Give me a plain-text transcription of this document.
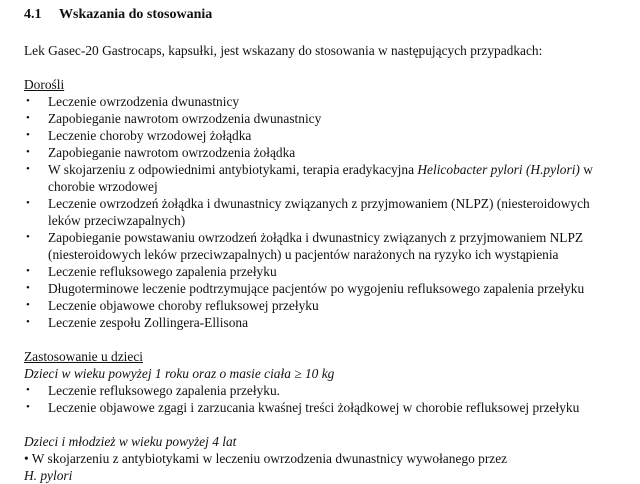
4.1 Wskazania do stosowania

Lek Gasec-20 Gastrocaps, kapsułki, jest wskazany do stosowania w następujących przypadkach:

Dorośli

•	Leczenie owrzodzenia dwunastnicy
•	Zapobieganie nawrotom owrzodzenia dwunastnicy
•	Leczenie choroby wrzodowej żołądka
•	Zapobieganie nawrotom owrzodzenia żołądka
•	W skojarzeniu z odpowiednimi antybiotykami, terapia eradykacyjna Helicobacter pylori (H.pylori) w chorobie wrzodowej
•	Leczenie owrzodzeń żołądka i dwunastnicy związanych z przyjmowaniem (NLPZ) (niesteroidowych leków przeciwzapalnych)
•	Zapobieganie powstawaniu owrzodzeń żołądka i dwunastnicy związanych z przyjmowaniem NLPZ (niesteroidowych leków przeciwzapalnych) u pacjentów narażonych na ryzyko ich wystąpienia
•	Leczenie refluksowego zapalenia przełyku
•	Długoterminowe leczenie podtrzymujące pacjentów po wygojeniu refluksowego zapalenia przełyku
•	Leczenie objawowe choroby refluksowej przełyku
•	Leczenie zespołu Zollingera-Ellisona

Zastosowanie u dzieci

Dzieci w wieku powyżej 1 roku oraz o masie ciała ≥ 10 kg

•	Leczenie refluksowego zapalenia przełyku.
•	Leczenie objawowe zgagi i zarzucania kwaśnej treści żołądkowej w chorobie refluksowej przełyku

Dzieci i młodzież w wieku powyżej 4 lat

• W skojarzeniu z antybiotykami w leczeniu owrzodzenia dwunastnicy wywołanego przez

H. pylori
